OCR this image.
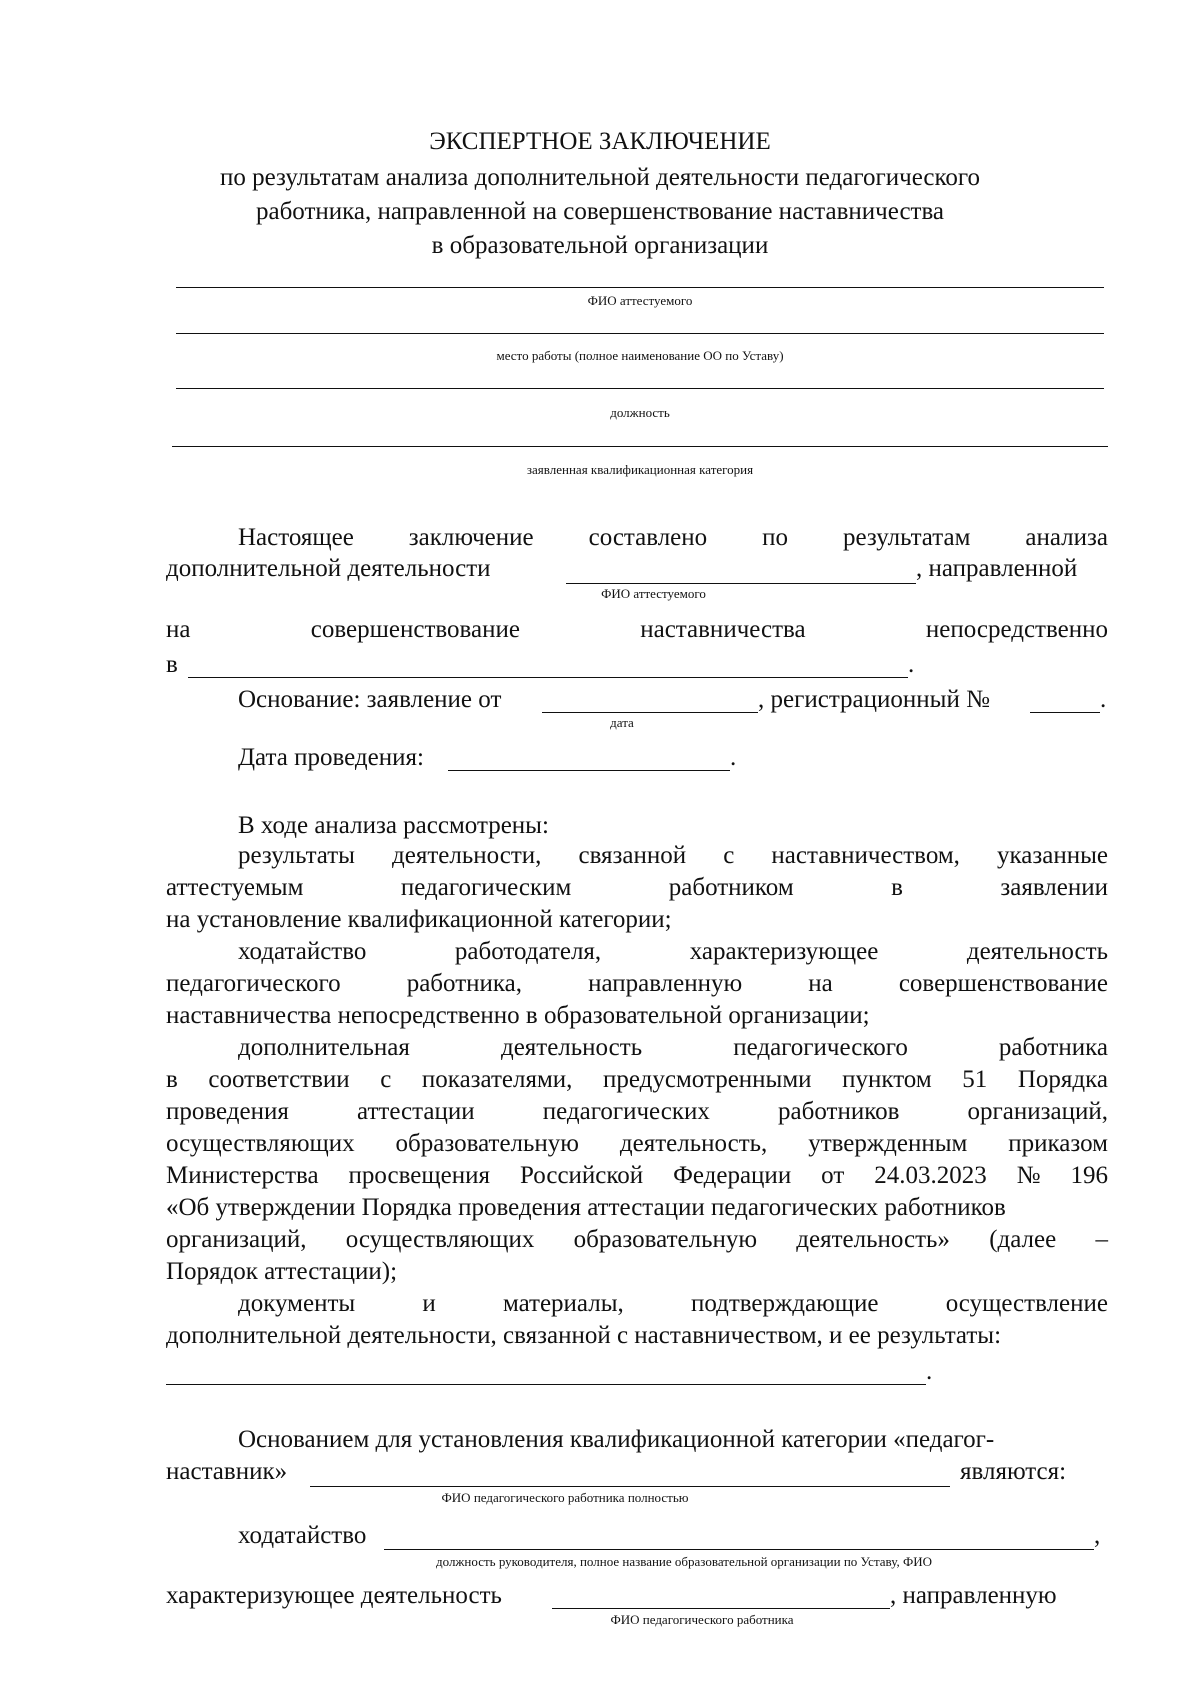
ЭКСПЕРТНОЕ ЗАКЛЮЧЕНИЕ
по результатам анализа дополнительной деятельности педагогического
работника, направленной на совершенствование наставничества
в образовательной организации
ФИО аттестуемого
место работы (полное наименование ОО по Уставу)
должность
заявленная квалификационная категория
Настоящее заключение составлено по результатам анализа
дополнительной деятельности
ФИО аттестуемого
, направленной
на	совершенствование	наставничества	непосредственно
в	.
Основание: заявление от
дата
, регистрационный №	.
Дата проведения:	.
В ходе анализа рассмотрены:
результаты деятельности, связанной с наставничеством, указанные
аттестуемым	педагогическим	работником	в	заявлении
на установление квалификационной категории;
ходатайство	работодателя,	характеризующее	деятельность
педагогического	работника,	направленную	на	совершенствование
наставничества непосредственно в образовательной организации;
дополнительная	деятельность	педагогического	работника
в соответствии с показателями, предусмотренными пунктом 51 Порядка
проведения	аттестации	педагогических	работников	организаций,
осуществляющих образовательную деятельность, утвержденным приказом
Министерства просвещения Российской Федерации от 24.03.2023 № 196
«Об утверждении Порядка проведения аттестации педагогических работников
организаций, осуществляющих образовательную деятельность» (далее –
Порядок аттестации);
документы	и	материалы,	подтверждающие	осуществление
дополнительной деятельности, связанной с наставничеством, и ее результаты:
.
Основанием для установления квалификационной категории «педагог-
наставник»
ФИО педагогического работника полностью
являются:
ходатайство
должность руководителя, полное название образовательной организации по Уставу, ФИО
,
характеризующее деятельность
ФИО педагогического работника
, направленную
